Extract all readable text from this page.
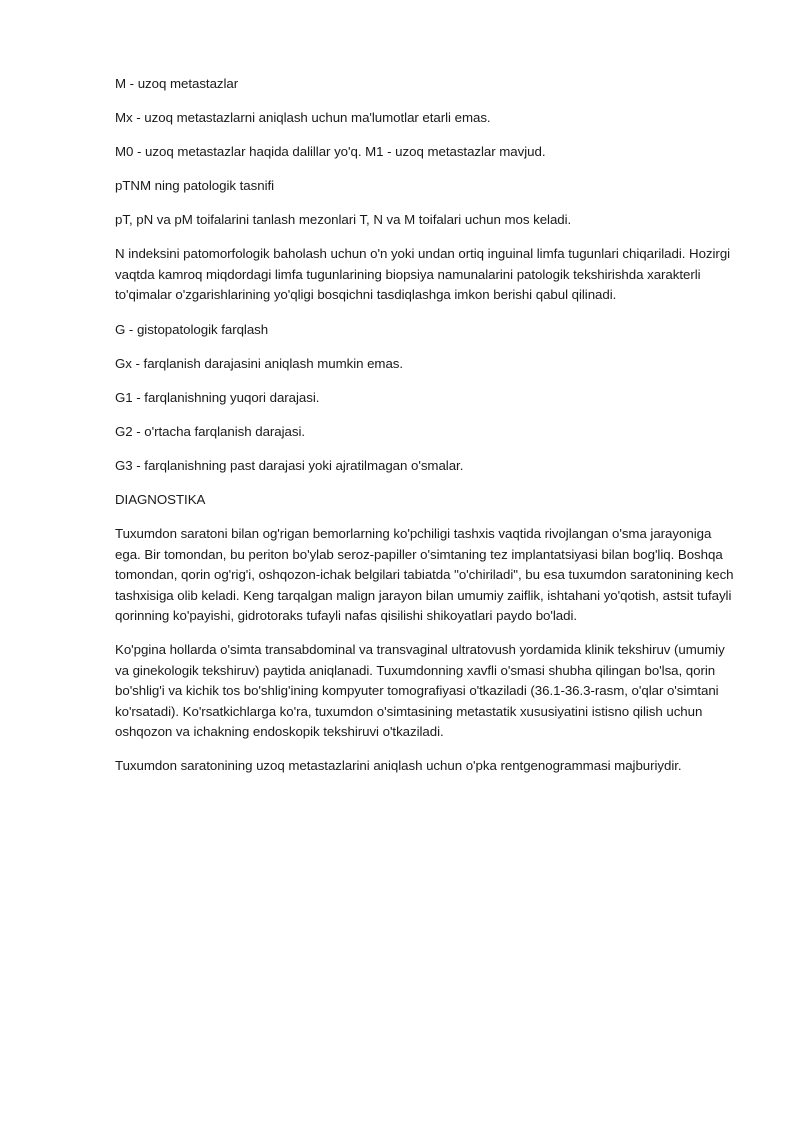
M - uzoq metastazlar

Mx - uzoq metastazlarni aniqlash uchun ma'lumotlar etarli emas.

M0 - uzoq metastazlar haqida dalillar yo'q. M1 - uzoq metastazlar mavjud.

pTNM ning patologik tasnifi

pT, pN va pM toifalarini tanlash mezonlari T, N va M toifalari uchun mos keladi.

N indeksini patomorfologik baholash uchun o'n yoki undan ortiq inguinal limfa tugunlari chiqariladi. Hozirgi vaqtda kamroq miqdordagi limfa tugunlarining biopsiya namunalarini patologik tekshirishda xarakterli to'qimalar o'zgarishlarining yo'qligi bosqichni tasdiqlashga imkon berishi qabul qilinadi.

G - gistopatologik farqlash

Gx - farqlanish darajasini aniqlash mumkin emas.

G1 - farqlanishning yuqori darajasi.

G2 - o'rtacha farqlanish darajasi.

G3 - farqlanishning past darajasi yoki ajratilmagan o'smalar.

DIAGNOSTIKA

Tuxumdon saratoni bilan og'rigan bemorlarning ko'pchiligi tashxis vaqtida rivojlangan o'sma jarayoniga ega. Bir tomondan, bu periton bo'ylab seroz-papiller o'simtaning tez implantatsiyasi bilan bog'liq. Boshqa tomondan, qorin og'rig'i, oshqozon-ichak belgilari tabiatda "o'chiriladi", bu esa tuxumdon saratonining kech tashxisiga olib keladi. Keng tarqalgan malign jarayon bilan umumiy zaiflik, ishtahani yo'qotish, astsit tufayli qorinning ko'payishi, gidrotoraks tufayli nafas qisilishi shikoyatlari paydo bo'ladi.

Ko'pgina hollarda o'simta transabdominal va transvaginal ultratovush yordamida klinik tekshiruv (umumiy va ginekologik tekshiruv) paytida aniqlanadi. Tuxumdonning xavfli o'smasi shubha qilingan bo'lsa, qorin bo'shlig'i va kichik tos bo'shlig'ining kompyuter tomografiyasi o'tkaziladi (36.1-36.3-rasm, o'qlar o'simtani ko'rsatadi). Ko'rsatkichlarga ko'ra, tuxumdon o'simtasining metastatik xususiyatini istisno qilish uchun oshqozon va ichakning endoskopik tekshiruvi o'tkaziladi.

Tuxumdon saratonining uzoq metastazlarini aniqlash uchun o'pka rentgenogrammasi majburiydir.
